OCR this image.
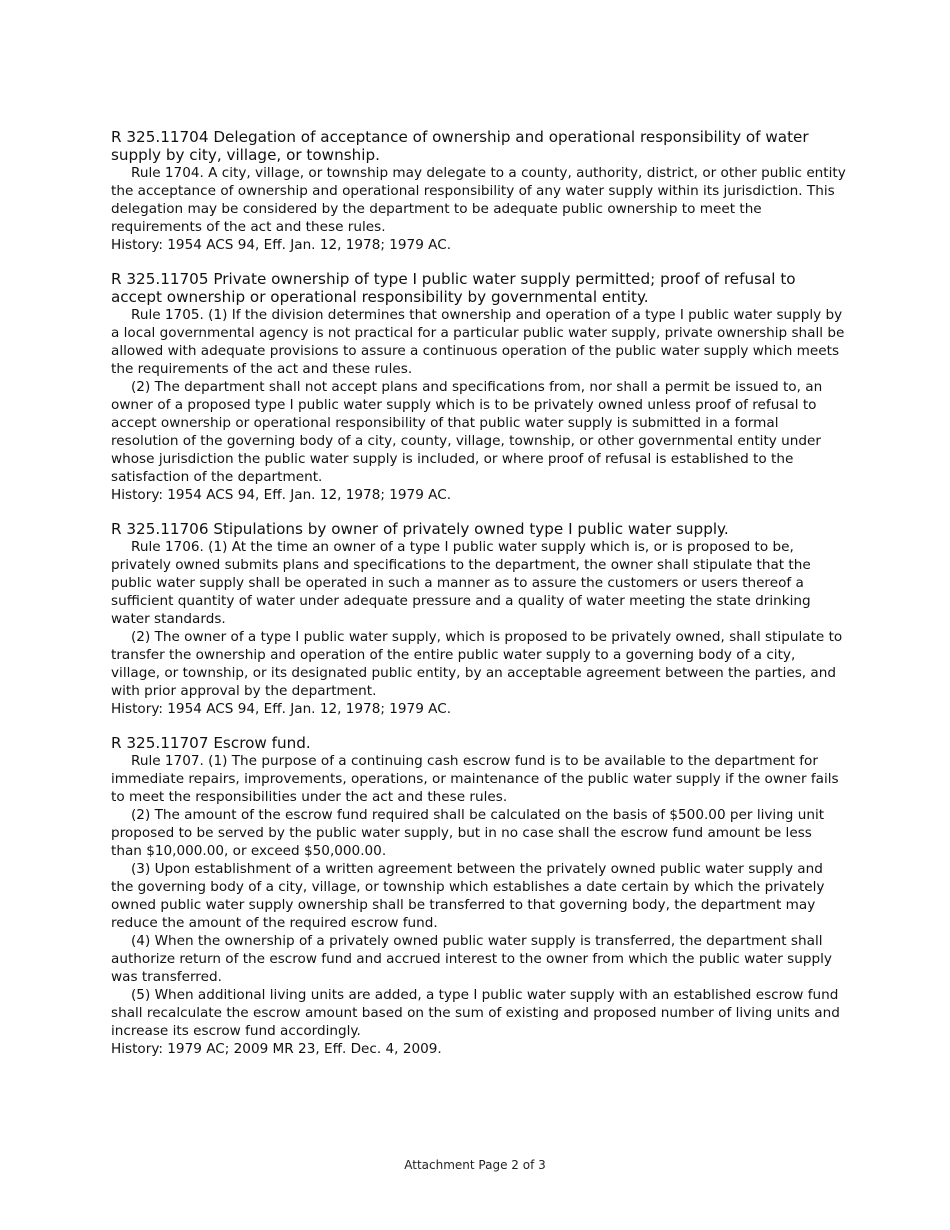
R 325.11704 Delegation of acceptance of ownership and operational responsibility of water supply by city, village, or township.

Rule 1704. A city, village, or township may delegate to a county, authority, district, or other public entity the acceptance of ownership and operational responsibility of any water supply within its jurisdiction. This delegation may be considered by the department to be adequate public ownership to meet the requirements of the act and these rules.

History: 1954 ACS 94, Eff. Jan. 12, 1978; 1979 AC.

R 325.11705 Private ownership of type I public water supply permitted; proof of refusal to accept ownership or operational responsibility by governmental entity.

Rule 1705. (1) If the division determines that ownership and operation of a type I public water supply by a local governmental agency is not practical for a particular public water supply, private ownership shall be allowed with adequate provisions to assure a continuous operation of the public water supply which meets the requirements of the act and these rules.

(2) The department shall not accept plans and specifications from, nor shall a permit be issued to, an owner of a proposed type I public water supply which is to be privately owned unless proof of refusal to accept ownership or operational responsibility of that public water supply is submitted in a formal resolution of the governing body of a city, county, village, township, or other governmental entity under whose jurisdiction the public water supply is included, or where proof of refusal is established to the satisfaction of the department.

History: 1954 ACS 94, Eff. Jan. 12, 1978; 1979 AC.

R 325.11706 Stipulations by owner of privately owned type I public water supply.

Rule 1706. (1) At the time an owner of a type I public water supply which is, or is proposed to be, privately owned submits plans and specifications to the department, the owner shall stipulate that the public water supply shall be operated in such a manner as to assure the customers or users thereof a sufficient quantity of water under adequate pressure and a quality of water meeting the state drinking water standards.

(2) The owner of a type I public water supply, which is proposed to be privately owned, shall stipulate to transfer the ownership and operation of the entire public water supply to a governing body of a city, village, or township, or its designated public entity, by an acceptable agreement between the parties, and with prior approval by the department.

History: 1954 ACS 94, Eff. Jan. 12, 1978; 1979 AC.

R 325.11707 Escrow fund.

Rule 1707. (1) The purpose of a continuing cash escrow fund is to be available to the department for immediate repairs, improvements, operations, or maintenance of the public water supply if the owner fails to meet the responsibilities under the act and these rules.

(2) The amount of the escrow fund required shall be calculated on the basis of $500.00 per living unit proposed to be served by the public water supply, but in no case shall the escrow fund amount be less than $10,000.00, or exceed $50,000.00.

(3) Upon establishment of a written agreement between the privately owned public water supply and the governing body of a city, village, or township which establishes a date certain by which the privately owned public water supply ownership shall be transferred to that governing body, the department may reduce the amount of the required escrow fund.

(4) When the ownership of a privately owned public water supply is transferred, the department shall authorize return of the escrow fund and accrued interest to the owner from which the public water supply was transferred.

(5) When additional living units are added, a type I public water supply with an established escrow fund shall recalculate the escrow amount based on the sum of existing and proposed number of living units and increase its escrow fund accordingly.

History: 1979 AC; 2009 MR 23, Eff. Dec. 4, 2009.

Attachment Page 2 of 3
